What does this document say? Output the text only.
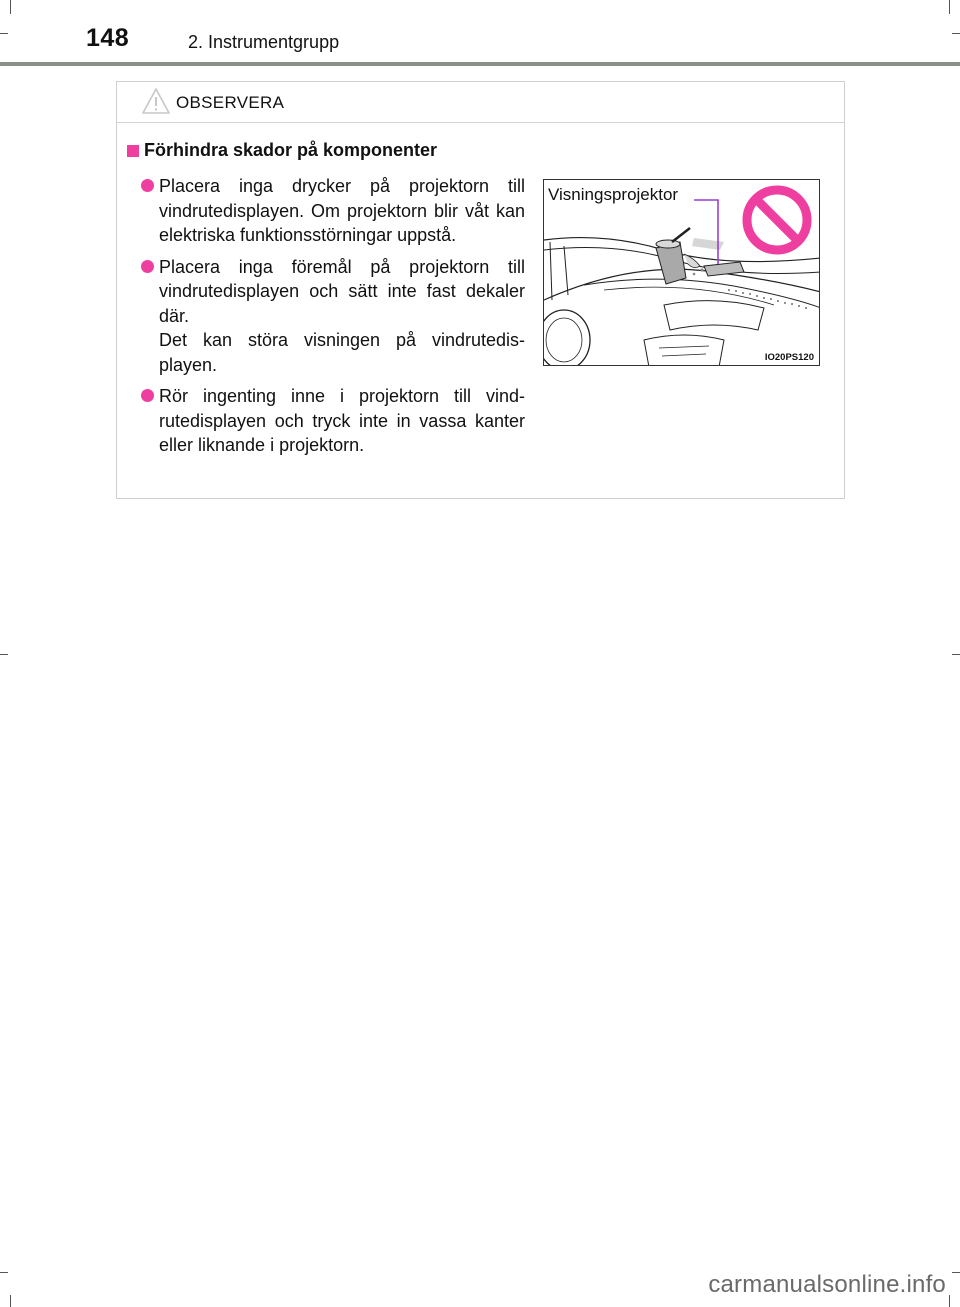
148	2. Instrumentgrupp
OBSERVERA
Förhindra skador på komponenter
Placera inga drycker på projektorn till vindrutedisplayen. Om projektorn blir våt kan elektriska funktionsstörningar uppstå.
Placera inga föremål på projektorn till vindrutedisplayen och sätt inte fast dekaler där.
Det kan störa visningen på vindrutedis-playen.
Rör ingenting inne i projektorn till vind-rutedisplayen och tryck inte in vassa kanter eller liknande i projektorn.
Visningsprojektor
IO20PS120
carmanualsonline.info
